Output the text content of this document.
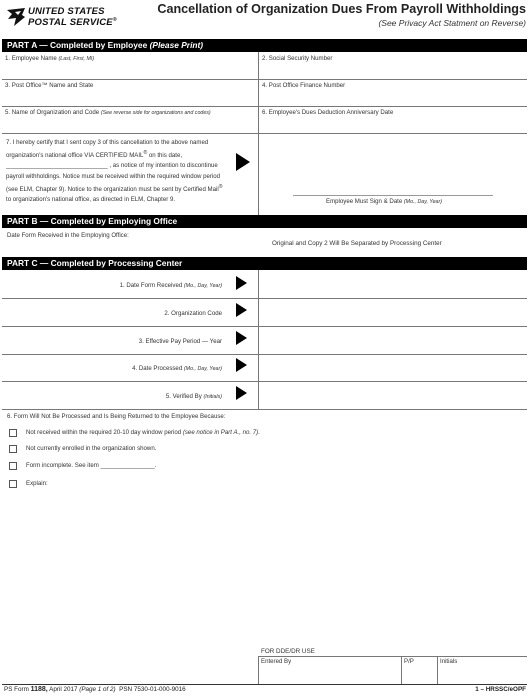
UNITED STATES
POSTAL SERVICE®
Cancellation of Organization Dues From Payroll Withholdings
(See Privacy Act Statment on Reverse)
PART A — Completed by Employee (Please Print)
1. Employee Name (Last, First, MI)	2. Social Security Number
3. Post Office™ Name and State	4. Post Office Finance Number
5. Name of Organization and Code (See reverse side for organizations and codes)	6. Employee's Dues Deduction Anniversary Date
7. I hereby certify that I sent copy 3 of this cancellation to the above named organization's national office VIA CERTIFIED MAIL® on this date, ______________________________ , as notice of my intention to discontinue payroll withholdings. Notice must be received within the required window period (see ELM, Chapter 9). Notice to the organization must be sent by Certified Mail® to organization's national office, as directed in ELM, Chapter 9.	Employee Must Sign & Date (Mo., Day, Year)
PART B — Completed by Employing Office
Date Form Received in the Employing Office:
Original and Copy 2 Will Be Separated by Processing Center
PART C — Completed by Processing Center
1. Date Form Received (Mo., Day, Year)
2. Organization Code
3. Effective Pay Period — Year
4. Date Processed (Mo., Day, Year)
5. Verified By (Initials)
6. Form Will Not Be Processed and Is Being Returned to the Employee Because:
Not received within the required 20-10 day window period (see notice in Part A., no. 7).
Not currently enrolled in the organization shown.
Form incomplete. See item ________________.
Explain:
FOR DDE/DR USE
Entered By	P/P	Initials
PS Form 1188, April 2017 (Page 1 of 2) PSN 7530-01-000-9016	1 – HRSSC/eOPF
